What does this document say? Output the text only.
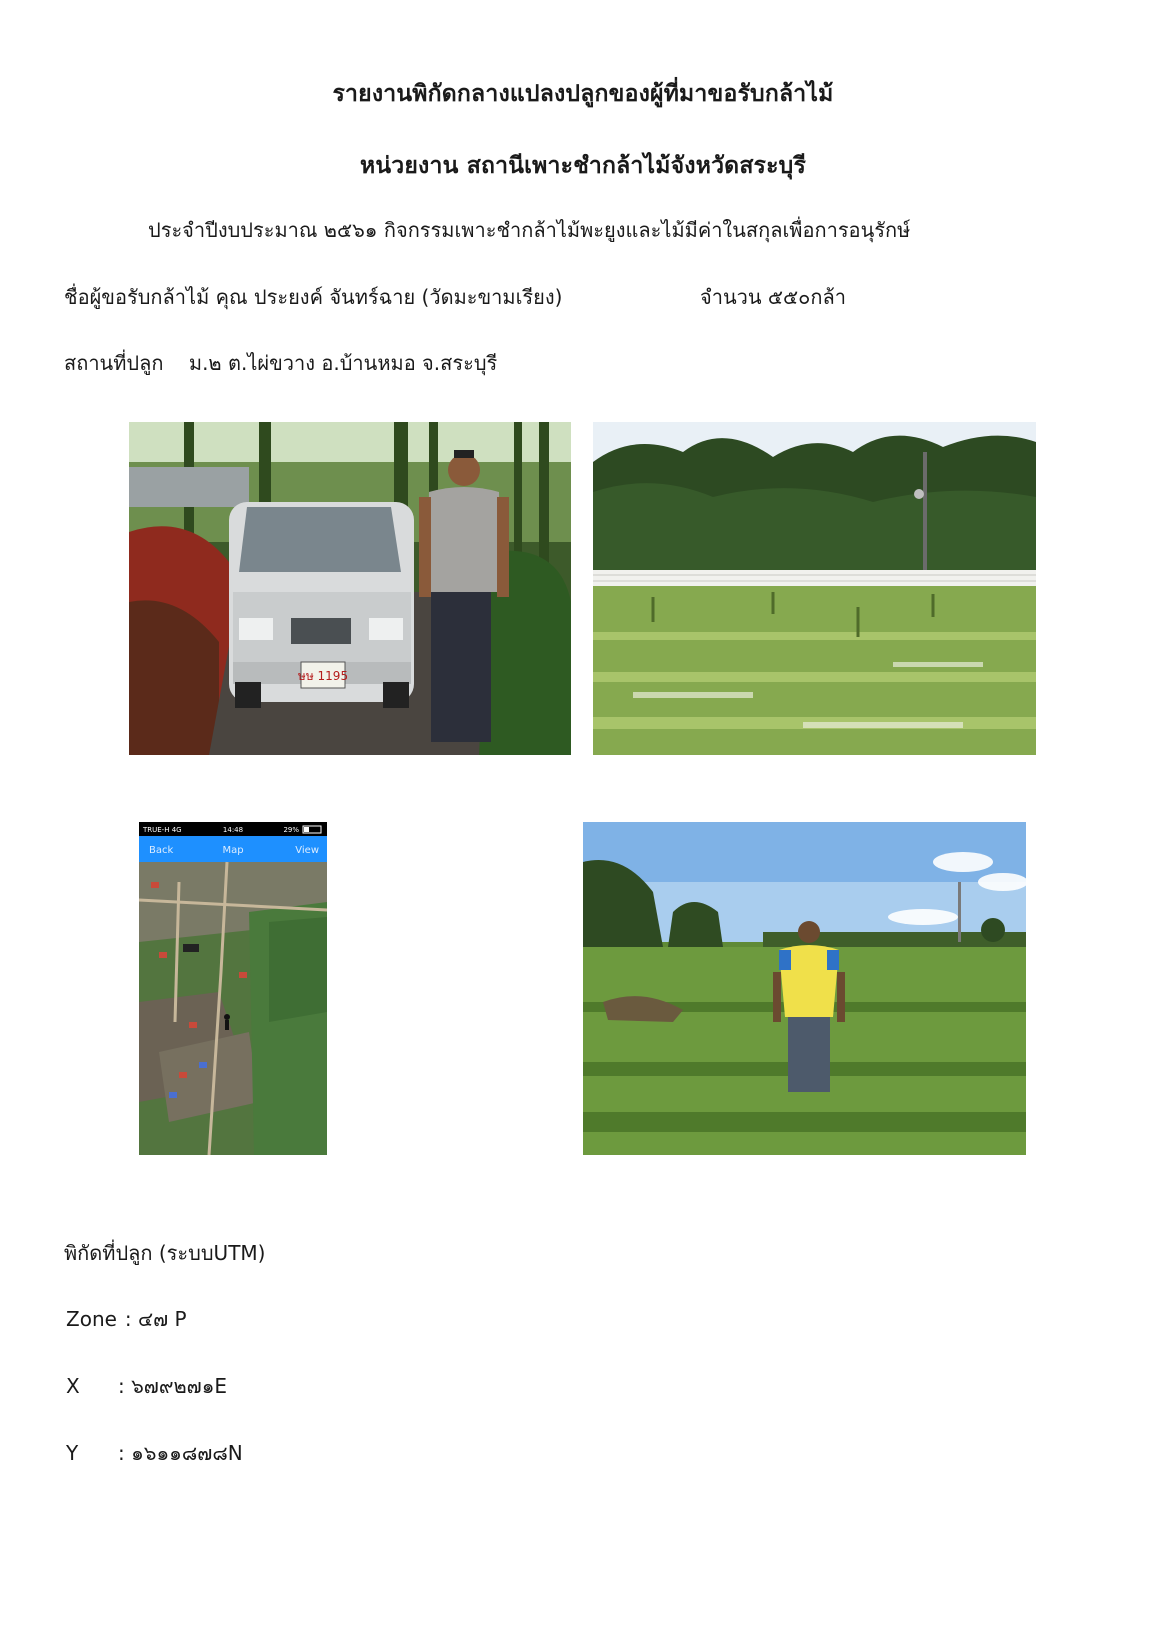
รายงานพิกัดกลางแปลงปลูกของผู้ที่มาขอรับกล้าไม้
หน่วยงาน สถานีเพาะชำกล้าไม้จังหวัดสระบุรี
ประจำปีงบประมาณ ๒๕๖๑ กิจกรรมเพาะชำกล้าไม้พะยูงและไม้มีค่าในสกุลเพื่อการอนุรักษ์
ชื่อผู้ขอรับกล้าไม้ คุณ ประยงค์ จันทร์ฉาย (วัดมะขามเรียง)	จำนวน ๕๕๐กล้า
สถานที่ปลูก    ม.๒ ต.ไผ่ขวาง อ.บ้านหมอ จ.สระบุรี
ษษ 1195
TRUE-H 4G	14:48	29%
Back	Map	View
พิกัดที่ปลูก (ระบบUTM)
Zone : ๔๗ P
X : ๖๗๙๒๗๑E
Y : ๑๖๑๑๘๗๘N
